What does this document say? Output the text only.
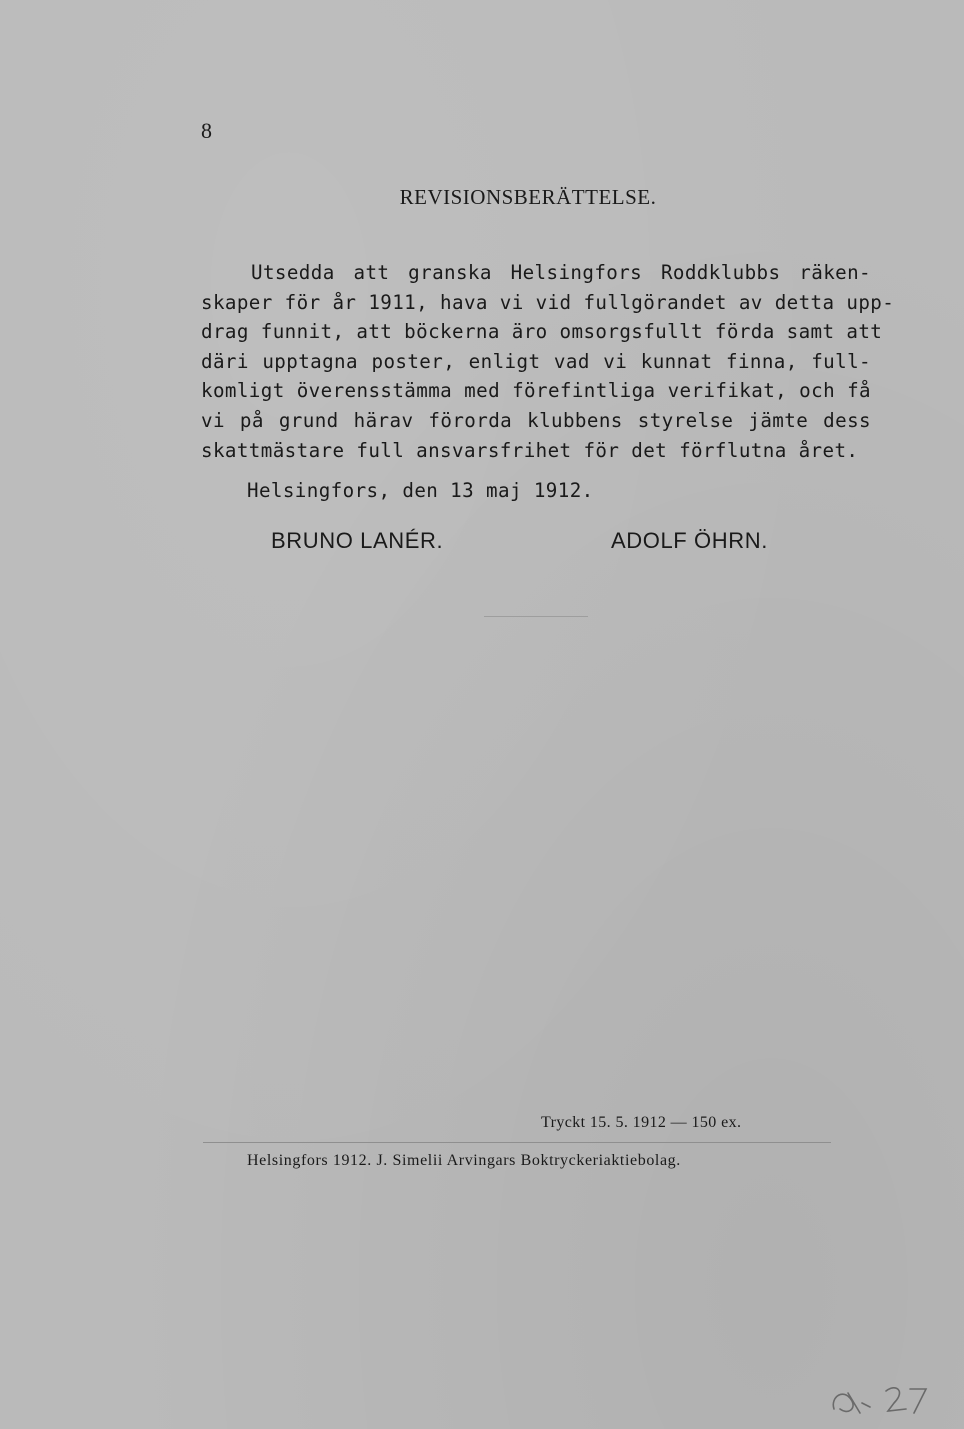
8
REVISIONSBERÄTTELSE.
Utsedda att granska Helsingfors Roddklubbs räken-
skaper för år 1911, hava vi vid fullgörandet av detta upp-
drag funnit, att böckerna äro omsorgsfullt förda samt att
däri upptagna poster, enligt vad vi kunnat finna, full-
komligt överensstämma med förefintliga verifikat, och få
vi på grund härav förorda klubbens styrelse jämte dess
skattmästare full ansvarsfrihet för det förflutna året.
Helsingfors, den 13 maj 1912.
BRUNO LANÉR.	ADOLF ÖHRN.
Tryckt 15. 5. 1912 — 150 ex.
Helsingfors 1912. J. Simelii Arvingars Boktryckeriaktiebolag.
